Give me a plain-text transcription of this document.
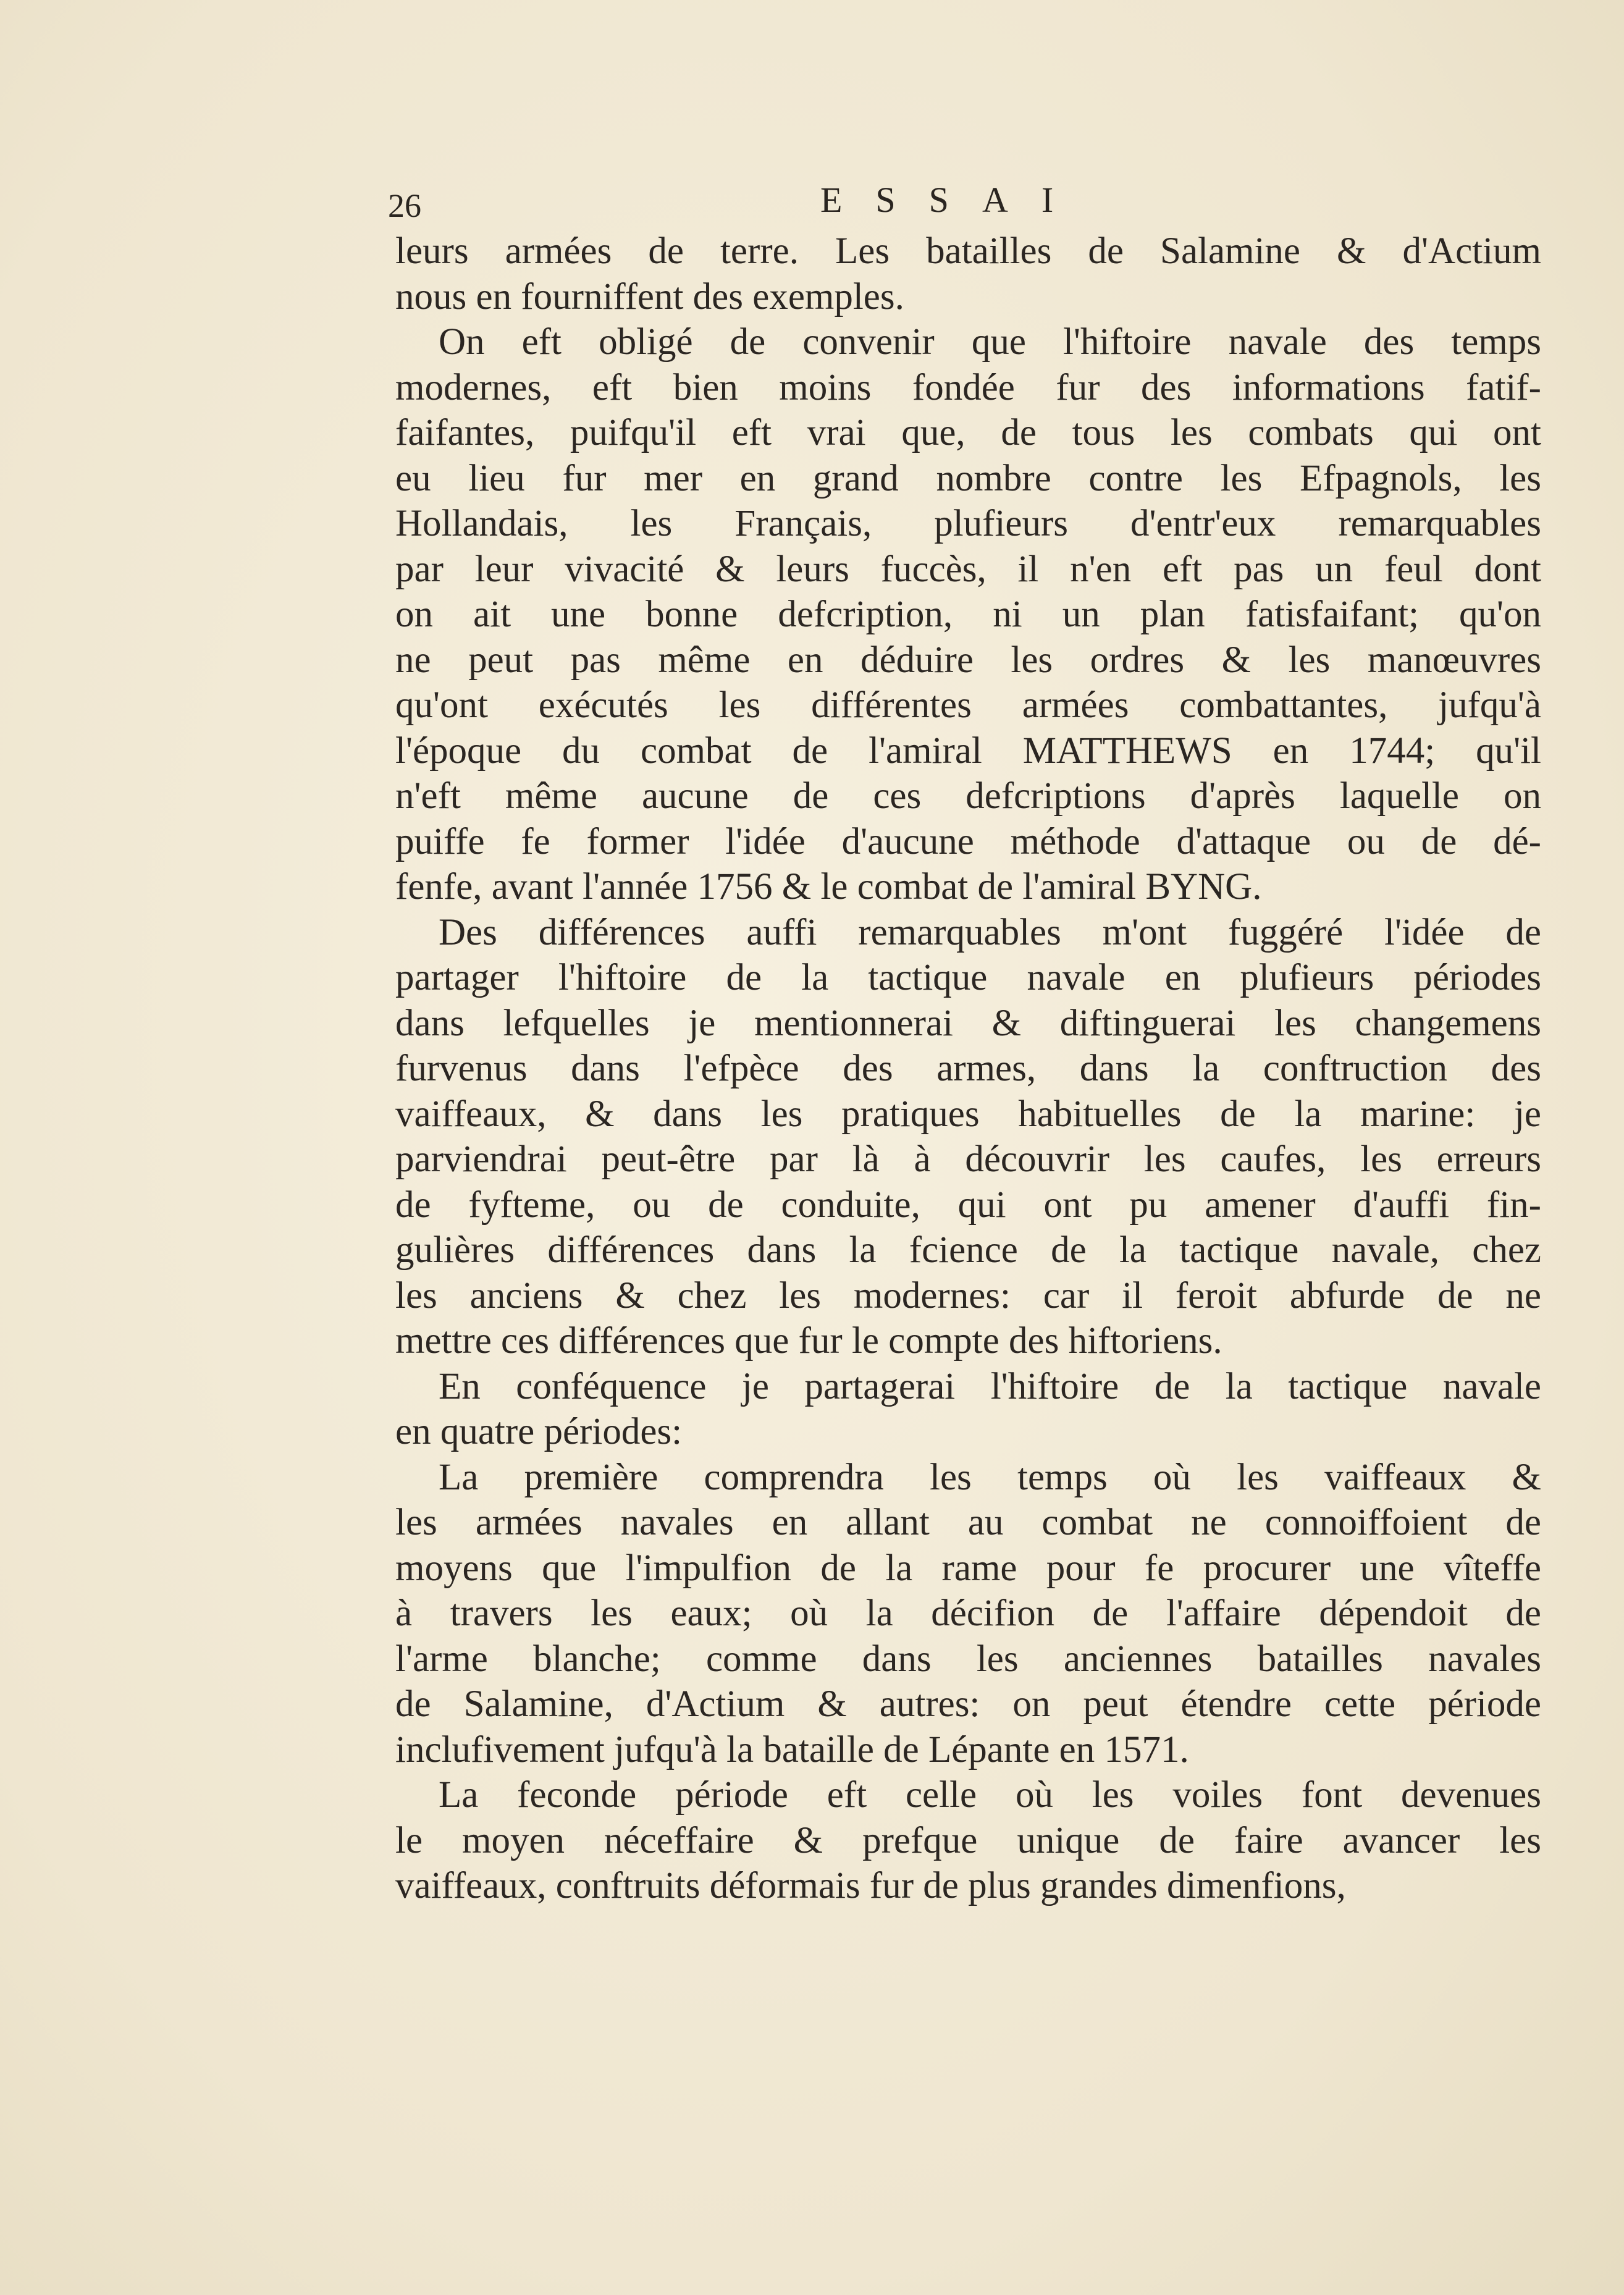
26	ESSAI
leurs armées de terre. Les batailles de Salamine & d'Actium
nous en fourniffent des exemples.
On eft obligé de convenir que l'hiftoire navale des temps
modernes, eft bien moins fondée fur des informations fatif-
faifantes, puifqu'il eft vrai que, de tous les combats qui ont
eu lieu fur mer en grand nombre contre les Efpagnols, les
Hollandais, les Français, plufieurs d'entr'eux remarquables
par leur vivacité & leurs fuccès, il n'en eft pas un feul dont
on ait une bonne defcription, ni un plan fatisfaifant; qu'on
ne peut pas même en déduire les ordres & les manœuvres
qu'ont exécutés les différentes armées combattantes, jufqu'à
l'époque du combat de l'amiral MATTHEWS en 1744; qu'il
n'eft même aucune de ces defcriptions d'après laquelle on
puiffe fe former l'idée d'aucune méthode d'attaque ou de dé-
fenfe, avant l'année 1756 & le combat de l'amiral BYNG.
Des différences auffi remarquables m'ont fuggéré l'idée de
partager l'hiftoire de la tactique navale en plufieurs périodes
dans lefquelles je mentionnerai & diftinguerai les changemens
furvenus dans l'efpèce des armes, dans la conftruction des
vaiffeaux, & dans les pratiques habituelles de la marine: je
parviendrai peut-être par là à découvrir les caufes, les erreurs
de fyfteme, ou de conduite, qui ont pu amener d'auffi fin-
gulières différences dans la fcience de la tactique navale, chez
les anciens & chez les modernes: car il feroit abfurde de ne
mettre ces différences que fur le compte des hiftoriens.
En conféquence je partagerai l'hiftoire de la tactique navale
en quatre périodes:
La première comprendra les temps où les vaiffeaux &
les armées navales en allant au combat ne connoiffoient de
moyens que l'impulfion de la rame pour fe procurer une vîteffe
à travers les eaux; où la décifion de l'affaire dépendoit de
l'arme blanche; comme dans les anciennes batailles navales
de Salamine, d'Actium & autres: on peut étendre cette période
inclufivement jufqu'à la bataille de Lépante en 1571.
La feconde période eft celle où les voiles font devenues
le moyen néceffaire & prefque unique de faire avancer les
vaiffeaux, conftruits déformais fur de plus grandes dimenfions,
